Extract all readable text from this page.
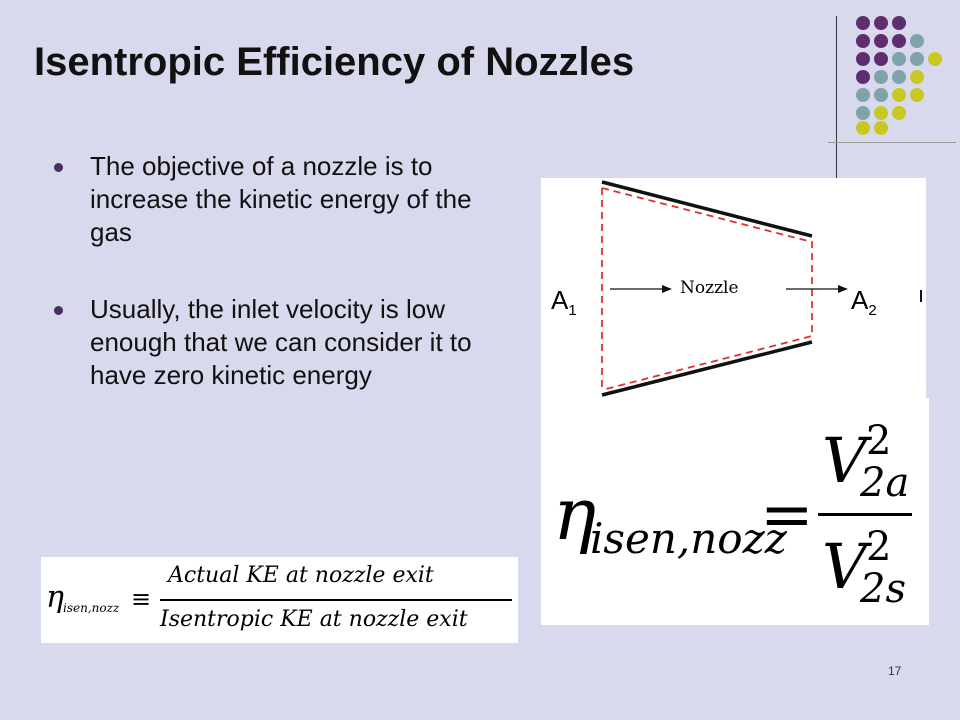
Isentropic Efficiency of Nozzles
The objective of a nozzle is to increase the kinetic energy of the gas
Usually, the inlet velocity is low enough that we can consider it to have zero kinetic energy
Nozzle
$A_1$	$A_2$
η
isen,nozz
=
V 2
2a
V 2
2s
η isen,nozz ≡
Actual KE at nozzle exit
Isentropic KE at nozzle exit
17
